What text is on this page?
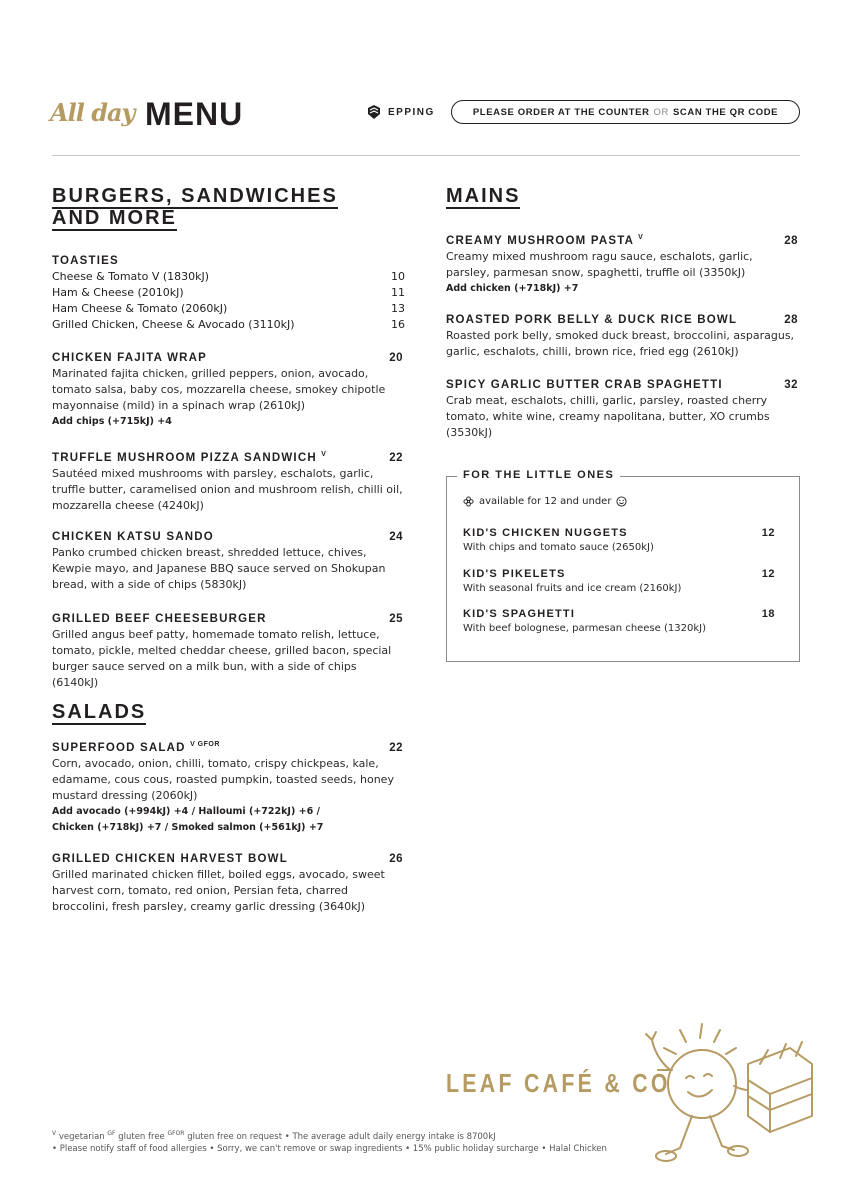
All day MENU	EPPING	PLEASE ORDER AT THE COUNTER OR SCAN THE QR CODE
BURGERS, SANDWICHES
AND MORE
TOASTIES
Cheese & Tomato V (1830kJ)	10
Ham & Cheese (2010kJ)	11
Ham Cheese & Tomato (2060kJ)	13
Grilled Chicken, Cheese & Avocado (3110kJ)	16
CHICKEN FAJITA WRAP	20
Marinated fajita chicken, grilled peppers, onion, avocado, tomato salsa, baby cos, mozzarella cheese, smokey chipotle mayonnaise (mild) in a spinach wrap (2610kJ)
Add chips (+715kJ) +4
TRUFFLE MUSHROOM PIZZA SANDWICH $^V$	22
Sautéed mixed mushrooms with parsley, eschalots, garlic, truffle butter, caramelised onion and mushroom relish, chilli oil, mozzarella cheese (4240kJ)
CHICKEN KATSU SANDO	24
Panko crumbed chicken breast, shredded lettuce, chives, Kewpie mayo, and Japanese BBQ sauce served on Shokupan bread, with a side of chips (5830kJ)
GRILLED BEEF CHEESEBURGER	25
Grilled angus beef patty, homemade tomato relish, lettuce, tomato, pickle, melted cheddar cheese, grilled bacon, special burger sauce served on a milk bun, with a side of chips (6140kJ)
SALADS
SUPERFOOD SALAD $^{V GFOR}$	22
Corn, avocado, onion, chilli, tomato, crispy chickpeas, kale, edamame, cous cous, roasted pumpkin, toasted seeds, honey mustard dressing (2060kJ)
Add avocado (+994kJ) +4 / Halloumi (+722kJ) +6 /
Chicken (+718kJ) +7 / Smoked salmon (+561kJ) +7
GRILLED CHICKEN HARVEST BOWL	26
Grilled marinated chicken fillet, boiled eggs, avocado, sweet harvest corn, tomato, red onion, Persian feta, charred broccolini, fresh parsley, creamy garlic dressing (3640kJ)
MAINS
CREAMY MUSHROOM PASTA $^V$	28
Creamy mixed mushroom ragu sauce, eschalots, garlic, parsley, parmesan snow, spaghetti, truffle oil (3350kJ)
Add chicken (+718kJ) +7
ROASTED PORK BELLY & DUCK RICE BOWL	28
Roasted pork belly, smoked duck breast, broccolini, asparagus, garlic, eschalots, chilli, brown rice, fried egg (2610kJ)
SPICY GARLIC BUTTER CRAB SPAGHETTI	32
Crab meat, eschalots, chilli, garlic, parsley, roasted cherry tomato, white wine, creamy napolitana, butter, XO crumbs (3530kJ)
FOR THE LITTLE ONES
available for 12 and under
KID'S CHICKEN NUGGETS	12
With chips and tomato sauce (2650kJ)
KID'S PIKELETS	12
With seasonal fruits and ice cream (2160kJ)
KID'S SPAGHETTI	18
With beef bolognese, parmesan cheese (1320kJ)
LEAF CAFÉ & CO
$^V$ vegetarian $^{GF}$ gluten free $^{GFOR}$ gluten free on request • The average adult daily energy intake is 8700kJ
• Please notify staff of food allergies • Sorry, we can't remove or swap ingredients • 15% public holiday surcharge • Halal Chicken
